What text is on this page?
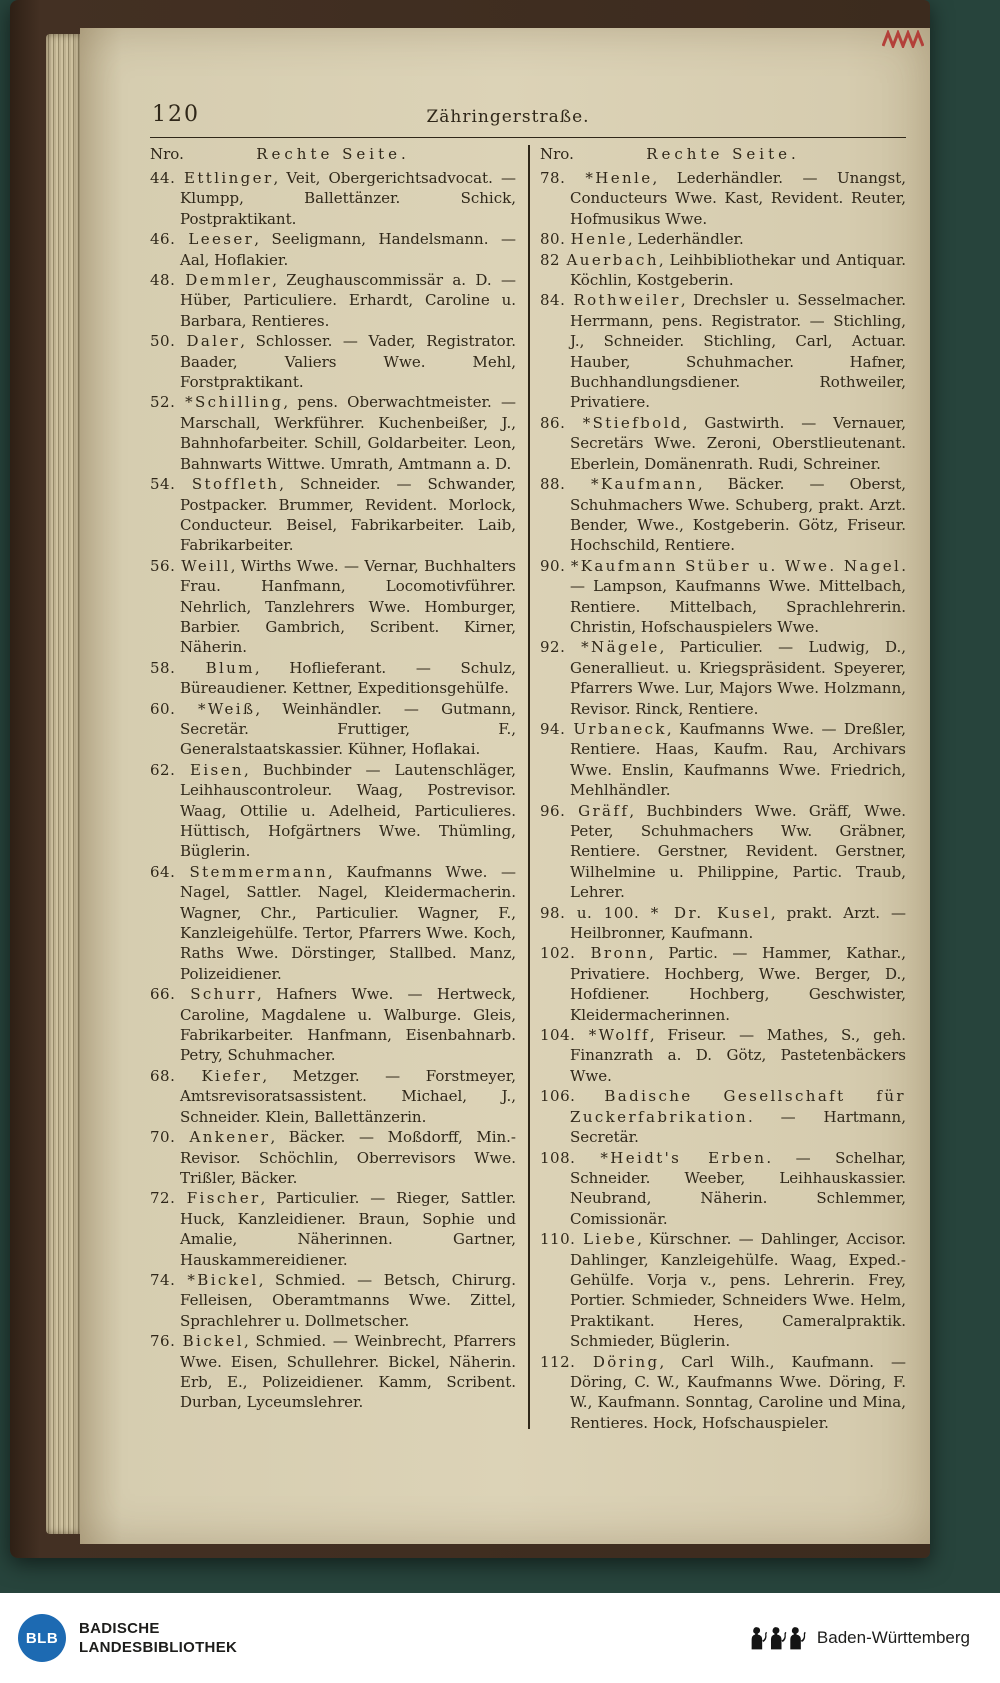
120	Zähringerstraße.
Nro.	Rechte Seite.

44. Ettlinger, Veit, Obergerichtsadvocat. — Klumpp, Ballettänzer. Schick, Postpraktikant.

46. Leeser, Seeligmann, Handelsmann. — Aal, Hoflakier.

48. Demmler, Zeughauscommissär a. D. — Hüber, Particuliere. Erhardt, Caroline u. Barbara, Rentieres.

50. Daler, Schlosser. — Vader, Registrator. Baader, Valiers Wwe. Mehl, Forstpraktikant.

52. *Schilling, pens. Oberwachtmeister. — Marschall, Werkführer. Kuchenbeißer, J., Bahnhofarbeiter. Schill, Goldarbeiter. Leon, Bahnwarts Wittwe. Umrath, Amtmann a. D.

54. Stoffleth, Schneider. — Schwander, Postpacker. Brummer, Revident. Morlock, Conducteur. Beisel, Fabrikarbeiter. Laib, Fabrikarbeiter.

56. Weill, Wirths Wwe. — Vernar, Buchhalters Frau. Hanfmann, Locomotivführer. Nehrlich, Tanzlehrers Wwe. Homburger, Barbier. Gambrich, Scribent. Kirner, Näherin.

58. Blum, Hoflieferant. — Schulz, Büreaudiener. Kettner, Expeditionsgehülfe.

60. *Weiß, Weinhändler. — Gutmann, Secretär. Fruttiger, F., Generalstaatskassier. Kühner, Hoflakai.

62. Eisen, Buchbinder — Lautenschläger, Leihhauscontroleur. Waag, Postrevisor. Waag, Ottilie u. Adelheid, Particulieres. Hüttisch, Hofgärtners Wwe. Thümling, Büglerin.

64. Stemmermann, Kaufmanns Wwe. — Nagel, Sattler. Nagel, Kleidermacherin. Wagner, Chr., Particulier. Wagner, F., Kanzleigehülfe. Tertor, Pfarrers Wwe. Koch, Raths Wwe. Dörstinger, Stallbed. Manz, Polizeidiener.

66. Schurr, Hafners Wwe. — Hertweck, Caroline, Magdalene u. Walburge. Gleis, Fabrikarbeiter. Hanfmann, Eisenbahnarb. Petry, Schuhmacher.

68. Kiefer, Metzger. — Forstmeyer, Amtsrevisoratsassistent. Michael, J., Schneider. Klein, Ballettänzerin.

70. Ankener, Bäcker. — Moßdorff, Min.-Revisor. Schöchlin, Oberrevisors Wwe. Trißler, Bäcker.

72. Fischer, Particulier. — Rieger, Sattler. Huck, Kanzleidiener. Braun, Sophie und Amalie, Näherinnen. Gartner, Hauskammereidiener.

74. *Bickel, Schmied. — Betsch, Chirurg. Felleisen, Oberamtmanns Wwe. Zittel, Sprachlehrer u. Dollmetscher.

76. Bickel, Schmied. — Weinbrecht, Pfarrers Wwe. Eisen, Schullehrer. Bickel, Näherin. Erb, E., Polizeidiener. Kamm, Scribent. Durban, Lyceumslehrer.

Nro.	Rechte Seite.

78. *Henle, Lederhändler. — Unangst, Conducteurs Wwe. Kast, Revident. Reuter, Hofmusikus Wwe.

80. Henle, Lederhändler.

82 Auerbach, Leihbibliothekar und Antiquar. Köchlin, Kostgeberin.

84. Rothweiler, Drechsler u. Sesselmacher. Herrmann, pens. Registrator. — Stichling, J., Schneider. Stichling, Carl, Actuar. Hauber, Schuhmacher. Hafner, Buchhandlungsdiener. Rothweiler, Privatiere.

86. *Stiefbold, Gastwirth. — Vernauer, Secretärs Wwe. Zeroni, Oberstlieutenant. Eberlein, Domänenrath. Rudi, Schreiner.

88. *Kaufmann, Bäcker. — Oberst, Schuhmachers Wwe. Schuberg, prakt. Arzt. Bender, Wwe., Kostgeberin. Götz, Friseur. Hochschild, Rentiere.

90. *Kaufmann Stüber u. Wwe. Nagel. — Lampson, Kaufmanns Wwe. Mittelbach, Rentiere. Mittelbach, Sprachlehrerin. Christin, Hofschauspielers Wwe.

92. *Nägele, Particulier. — Ludwig, D., Generallieut. u. Kriegspräsident. Speyerer, Pfarrers Wwe. Lur, Majors Wwe. Holzmann, Revisor. Rinck, Rentiere.

94. Urbaneck, Kaufmanns Wwe. — Dreßler, Rentiere. Haas, Kaufm. Rau, Archivars Wwe. Enslin, Kaufmanns Wwe. Friedrich, Mehlhändler.

96. Gräff, Buchbinders Wwe. Gräff, Wwe. Peter, Schuhmachers Ww. Gräbner, Rentiere. Gerstner, Revident. Gerstner, Wilhelmine u. Philippine, Partic. Traub, Lehrer.

98. u. 100. * Dr. Kusel, prakt. Arzt. — Heilbronner, Kaufmann.

102. Bronn, Partic. — Hammer, Kathar., Privatiere. Hochberg, Wwe. Berger, D., Hofdiener. Hochberg, Geschwister, Kleidermacherinnen.

104. *Wolff, Friseur. — Mathes, S., geh. Finanzrath a. D. Götz, Pastetenbäckers Wwe.

106. Badische Gesellschaft für Zuckerfabrikation. — Hartmann, Secretär.

108. *Heidt's Erben. — Schelhar, Schneider. Weeber, Leihhauskassier. Neubrand, Näherin. Schlemmer, Comissionär.

110. Liebe, Kürschner. — Dahlinger, Accisor. Dahlinger, Kanzleigehülfe. Waag, Exped.-Gehülfe. Vorja v., pens. Lehrerin. Frey, Portier. Schmieder, Schneiders Wwe. Helm, Praktikant. Heres, Cameralpraktik. Schmieder, Büglerin.

112. Döring, Carl Wilh., Kaufmann. — Döring, C. W., Kaufmanns Wwe. Döring, F. W., Kaufmann. Sonntag, Caroline und Mina, Rentieres. Hock, Hofschauspieler.

BLB
BADISCHE
LANDESBIBLIOTHEK
Baden-Württemberg
